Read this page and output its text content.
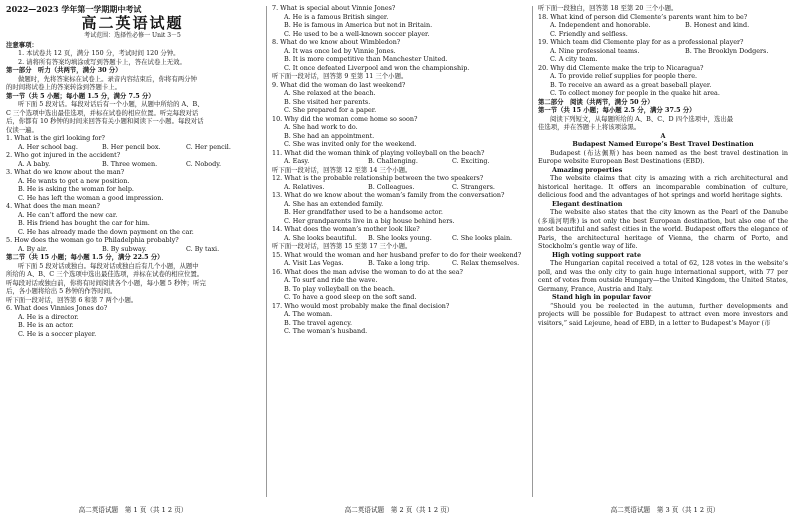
2022—2023 学年第一学期期中考试
高二英语试题
考试范围：选择性必修一 Unit 3－5
注意事项：
1. 本试卷共 12 页，满分 150 分，考试时间 120 分钟。
2. 请将所有答案均填涂或写到答题卡上，答在试卷上无效。
第一部分　听力（共两节，满分 30 分）
做题时，先将答案标在试卷上。录音内容结束后，你将有两分钟
的时间将试卷上的答案转涂到答题卡上。
第一节（共 5 小题；每小题 1.5 分，满分 7.5 分）
听下面 5 段对话。每段对话后有一个小题，从题中所给的 A、B、
C 三个选项中选出最佳选项，并标在试卷的相应位置。听完每段对话
后，你都有 10 秒钟的时间来回答有关小题和阅读下一小题。每段对话
仅读一遍。
1. What is the girl looking for?
A. Her school bag.	B. Her pencil box.	C. Her pencil.
2. Who got injured in the accident?
A. A baby.	B. Three women.	C. Nobody.
3. What do we know about the man?
A. He wants to get a new position.
B. He is asking the woman for help.
C. He has left the woman a good impression.
4. What does the man mean?
A. He can’t afford the new car.
B. His friend has bought the car for him.
C. He has already made the down payment on the car.
5. How does the woman go to Philadelphia probably?
A. By air.	B. By subway.	C. By taxi.
第二节（共 15 小题；每小题 1.5 分，满分 22.5 分）
听下面 5 段对话或独白。每段对话或独白后有几个小题，从题中
所给的 A、B、C 三个选项中选出最佳选项，并标在试卷的相应位置。
听每段对话或独白前，你将有时间阅读各个小题，每小题 5 秒钟；听完
后，各小题将给出 5 秒钟的作答时间。
听下面一段对话，回答第 6 和第 7 两个小题。
6. What does Vinnies Jones do?
A. He is a director.
B. He is an actor.
C. He is a soccer player.
7. What is special about Vinnie Jones?
A. He is a famous British singer.
B. He is famous in America but not in Britain.
C. He used to be a well-known soccer player.
8. What do we know about Wimbledon?
A. It was once led by Vinnie Jones.
B. It is more competitive than Manchester United.
C. It once defeated Liverpool and won the championship.
听下面一段对话，回答第 9 至第 11 三个小题。
9. What did the woman do last weekend?
A. She relaxed at the beach.
B. She visited her parents.
C. She prepared for a paper.
10. Why did the woman come home so soon?
A. She had work to do.
B. She had an appointment.
C. She was invited only for the weekend.
11. What did the woman think of playing volleyball on the beach?
A. Easy.	B. Challenging.	C. Exciting.
听下面一段对话，回答第 12 至第 14 三个小题。
12. What is the probable relationship between the two speakers?
A. Relatives.	B. Colleagues.	C. Strangers.
13. What do we know about the woman’s family from the conversation?
A. She has an extended family.
B. Her grandfather used to be a handsome actor.
C. Her grandparents live in a big house behind hers.
14. What does the woman’s mother look like?
A. She looks beautiful.	B. She looks young.	C. She looks plain.
听下面一段对话，回答第 15 至第 17 三个小题。
15. What would the woman and her husband prefer to do for their weekend?
A. Visit Las Vegas.	B. Take a long trip.	C. Relax themselves.
16. What does the man advise the woman to do at the sea?
A. To surf and ride the wave.
B. To play volleyball on the beach.
C. To have a good sleep on the soft sand.
17. Who would most probably make the final decision?
A. The woman.
B. The travel agency.
C. The woman’s husband.
听下面一段独白，回答第 18 至第 20 三个小题。
18. What kind of person did Clemente’s parents want him to be?
A. Independent and honorable.	B. Honest and kind.
C. Friendly and selfless.
19. Which team did Clemente play for as a professional player?
A. Nine professional teams.	B. The Brooklyn Dodgers.
C. A city team.
20. Why did Clemente make the trip to Nicaragua?
A. To provide relief supplies for people there.
B. To receive an award as a great baseball player.
C. To collect money for people in the quake hit area.
第二部分　阅读（共两节，满分 50 分）
第一节（共 15 小题；每小题 2.5 分，满分 37.5 分）
阅读下列短文，从每题所给的 A、B、C、D 四个选项中，选出最
佳选项，并在答题卡上将该项涂黑。
A
Budapest Named Europe’s Best Travel Destination
Budapest (布达佩斯) has been named as the best travel destination in Europe website European Best Destinations (EBD).
Amazing properties
The website claims that city is amazing with a rich architectural and historical heritage. It offers an incomparable combination of culture, delicious food and the advantages of hot springs and world heritage sights.
Elegant destination
The website also states that the city known as the Pearl of the Danube (多瑙河明珠) is not only the best European destination, but also one of the most beautiful and safest cities in the world. Budapest offers the elegance of Paris, the architectural heritage of Vienna, the charm of Porto, and Stockholm’s gentle way of life.
High voting support rate
The Hungarian capital received a total of 62, 128 votes in the website’s poll, and was the only city to gain huge international support, with 77 per cent of votes from outside Hungary—the United Kingdom, the United States, Germany, France, Austria and Italy.
Stand high in popular favor
“Should you be reelected in the autumn, further developments and projects will be possible for Budapest to attract even more investors and visitors,” said Lejeune, head of EBD, in a letter to Budapest’s Mayor (市
高二英语试题　第 1 页（共 1 2 页）	高二英语试题　第 2 页（共 1 2 页）	高二英语试题　第 3 页（共 1 2 页）
